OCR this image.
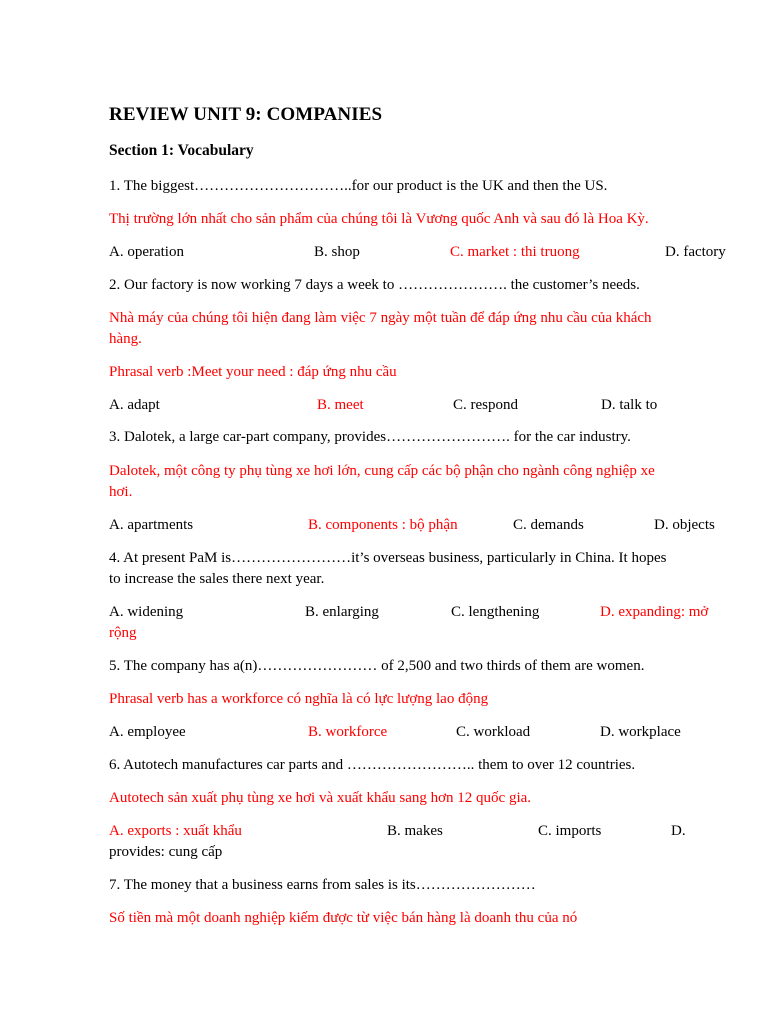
REVIEW UNIT 9: COMPANIES
Section 1: Vocabulary
1. The biggest…………………………..for our product is the UK and then the US.
Thị trường lớn nhất cho sản phẩm của chúng tôi là Vương quốc Anh và sau đó là Hoa Kỳ.
A. operation	B. shop	C. market : thi truong	D. factory
2. Our factory is now working 7 days a week to …………………. the customer’s needs.
Nhà máy của chúng tôi hiện đang làm việc 7 ngày một tuần để đáp ứng nhu cầu của khách
hàng.
Phrasal verb :Meet your need : đáp ứng nhu cầu
A. adapt	B. meet	C. respond	D. talk to
3. Dalotek, a large car-part company, provides……………………. for the car industry.
Dalotek, một công ty phụ tùng xe hơi lớn, cung cấp các bộ phận cho ngành công nghiệp xe
hơi.
A. apartments	B. components : bộ phận	C. demands	D. objects
4. At present PaM is……………………it’s overseas business, particularly in China. It hopes
to increase the sales there next year.
A. widening	B. enlarging	C. lengthening	D. expanding: mở
rộng
5. The company has a(n)…………………… of 2,500 and two thirds of them are women.
Phrasal verb has a workforce có nghĩa là có lực lượng lao động
A. employee	B. workforce	C. workload	D. workplace
6. Autotech manufactures car parts and …………………….. them to over 12 countries.
Autotech sản xuất phụ tùng xe hơi và xuất khẩu sang hơn 12 quốc gia.
A. exports : xuất khẩu	B. makes	C. imports	D.
provides: cung cấp
7. The money that a business earns from sales is its……………………
Số tiền mà một doanh nghiệp kiếm được từ việc bán hàng là doanh thu của nó
